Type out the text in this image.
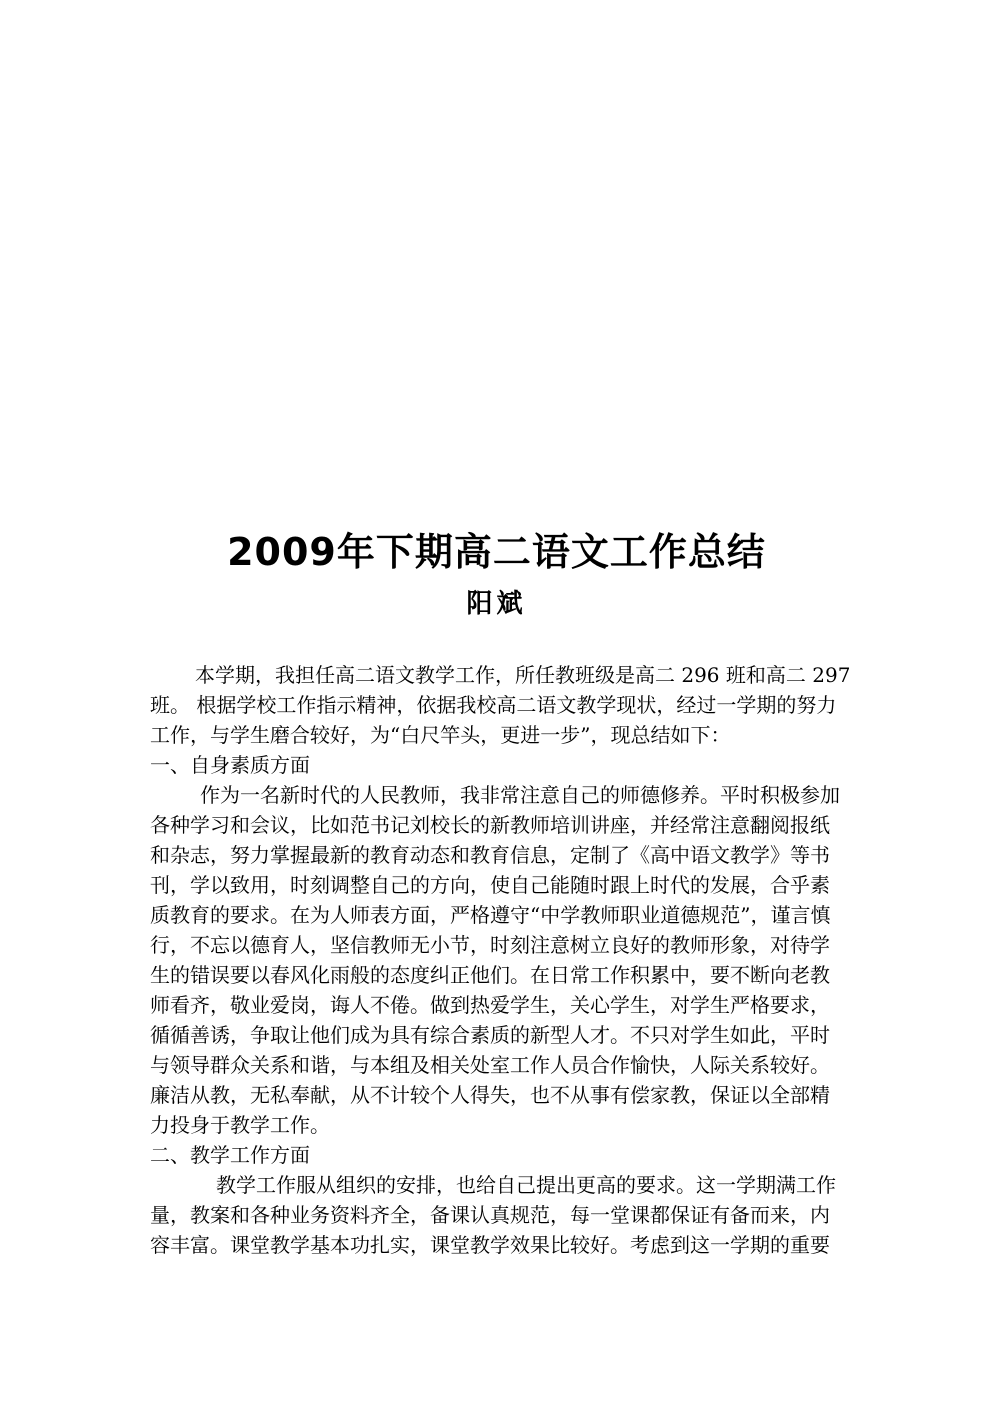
2009年下期高二语文工作总结
阳斌
本学期，我担任高二语文教学工作，所任教班级是高二 296 班和高二 297
班。 根据学校工作指示精神，依据我校高二语文教学现状，经过一学期的努力
工作，与学生磨合较好，为“白尺竿头，更进一步”，现总结如下：
一、自身素质方面
作为一名新时代的人民教师，我非常注意自己的师德修养。平时积极参加
各种学习和会议，比如范书记刘校长的新教师培训讲座，并经常注意翻阅报纸
和杂志，努力掌握最新的教育动态和教育信息，定制了《高中语文教学》等书
刊，学以致用，时刻调整自己的方向，使自己能随时跟上时代的发展，合乎素
质教育的要求。在为人师表方面，严格遵守“中学教师职业道德规范”，谨言慎
行，不忘以德育人，坚信教师无小节，时刻注意树立良好的教师形象，对待学
生的错误要以春风化雨般的态度纠正他们。在日常工作积累中，要不断向老教
师看齐，敬业爱岗，诲人不倦。做到热爱学生，关心学生，对学生严格要求，
循循善诱，争取让他们成为具有综合素质的新型人才。不只对学生如此，平时
与领导群众关系和谐，与本组及相关处室工作人员合作愉快，人际关系较好。
廉洁从教，无私奉献，从不计较个人得失，也不从事有偿家教，保证以全部精
力投身于教学工作。
二、教学工作方面
教学工作服从组织的安排，也给自己提出更高的要求。这一学期满工作
量，教案和各种业务资料齐全，备课认真规范，每一堂课都保证有备而来，内
容丰富。课堂教学基本功扎实，课堂教学效果比较好。考虑到这一学期的重要
